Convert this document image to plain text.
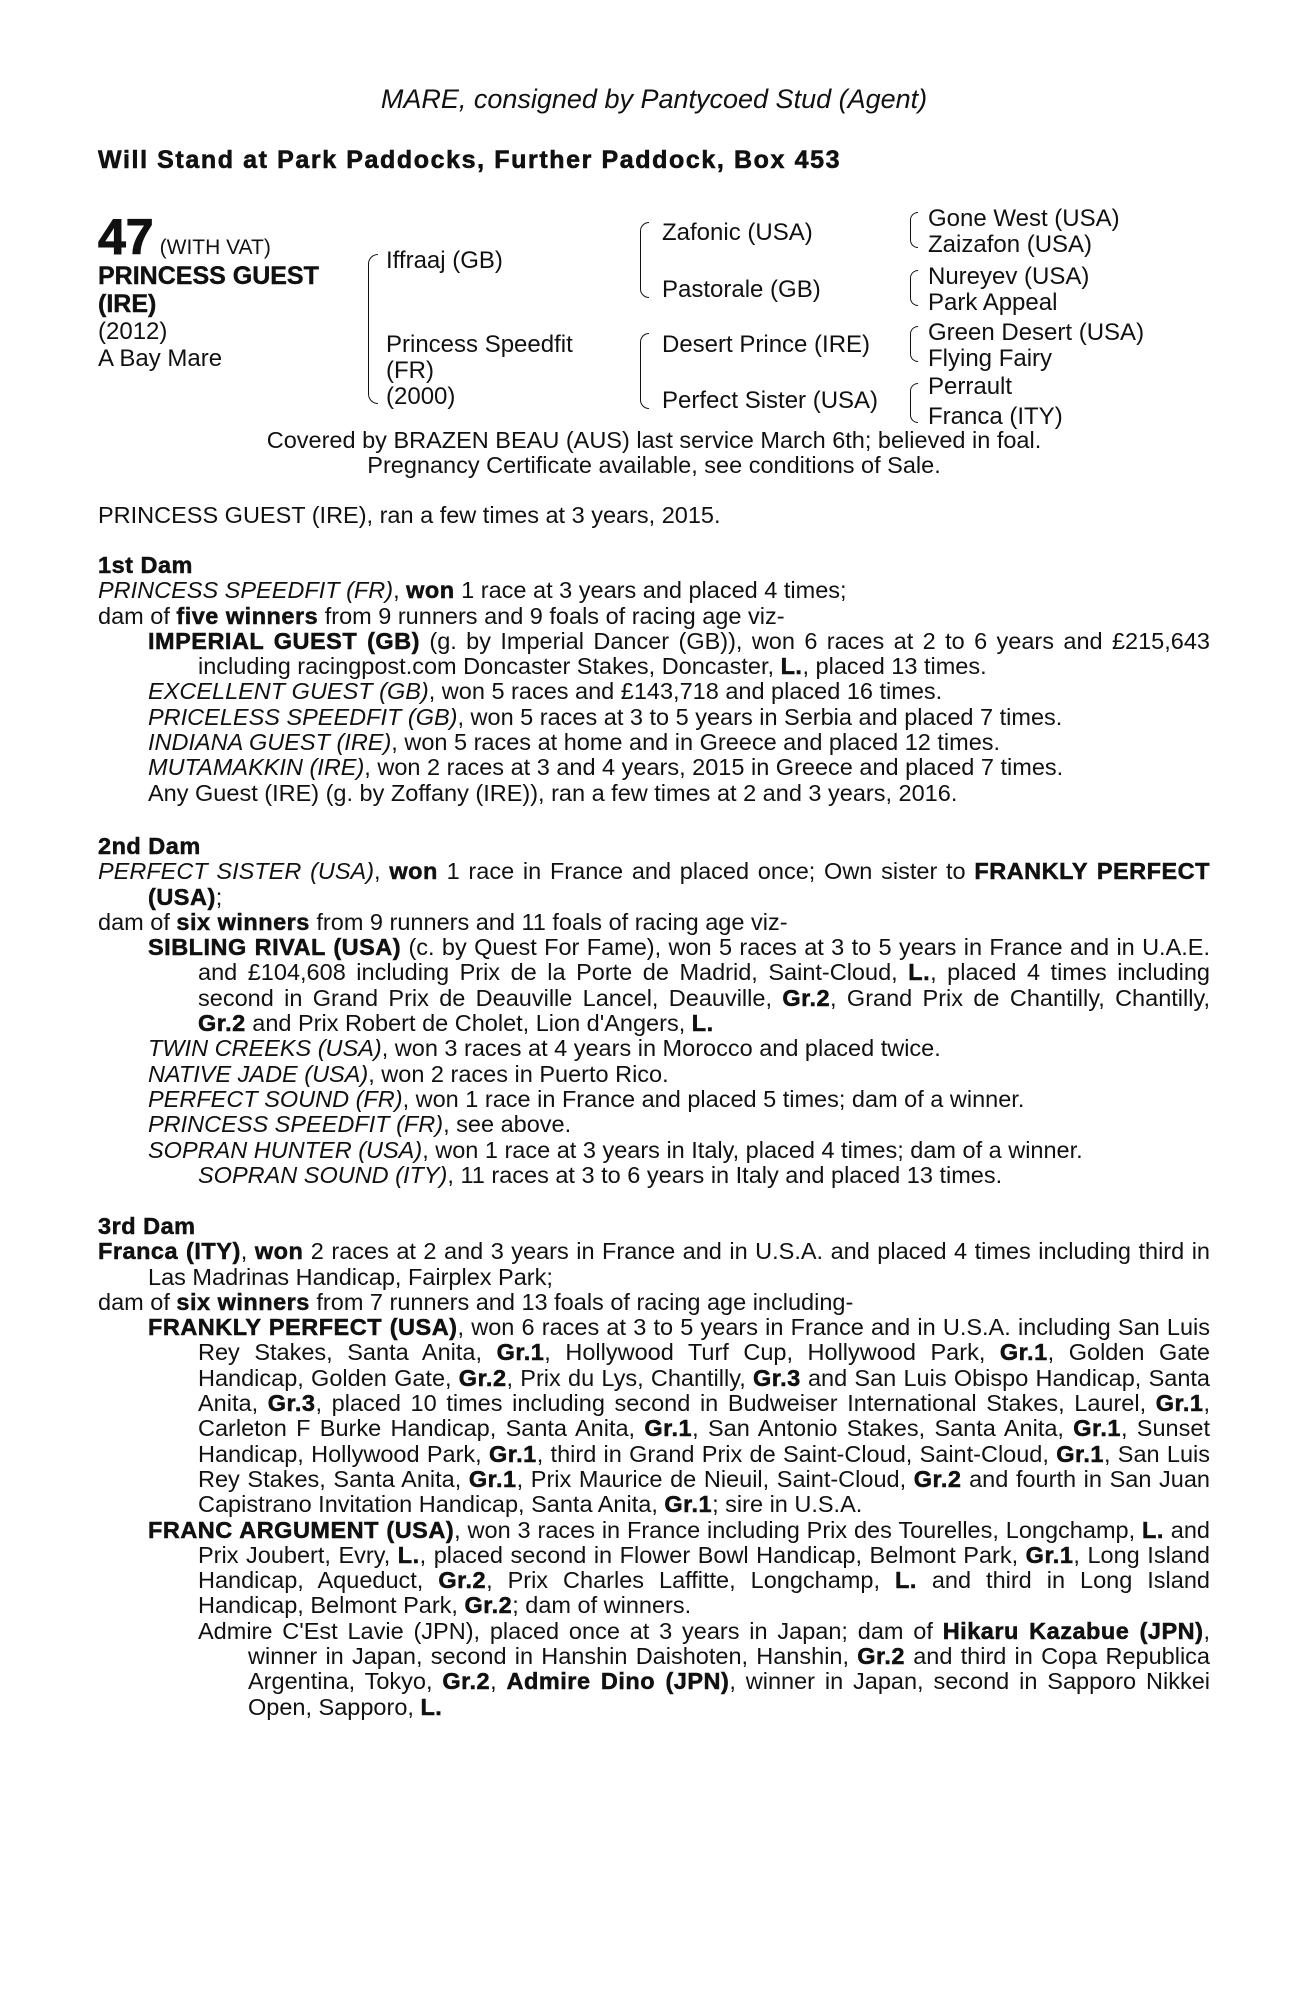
MARE, consigned by Pantycoed Stud (Agent)
Will Stand at Park Paddocks, Further Paddock, Box 453
47 (WITH VAT)
PRINCESS GUEST
(IRE)
(2012)
A Bay Mare
Iffraaj (GB)
Princess Speedfit
(FR)
(2000)
Zafonic (USA)
Pastorale (GB)
Desert Prince (IRE)
Perfect Sister (USA)
Gone West (USA)
Zaizafon (USA)
Nureyev (USA)
Park Appeal
Green Desert (USA)
Flying Fairy
Perrault
Franca (ITY)
Covered by BRAZEN BEAU (AUS) last service March 6th; believed in foal.
Pregnancy Certificate available, see conditions of Sale.
PRINCESS GUEST (IRE), ran a few times at 3 years, 2015.
1st Dam
PRINCESS SPEEDFIT (FR), won 1 race at 3 years and placed 4 times;
dam of five winners from 9 runners and 9 foals of racing age viz-
IMPERIAL GUEST (GB) (g. by Imperial Dancer (GB)), won 6 races at 2 to 6 years and £215,643 including racingpost.com Doncaster Stakes, Doncaster, L., placed 13 times.
EXCELLENT GUEST (GB), won 5 races and £143,718 and placed 16 times.
PRICELESS SPEEDFIT (GB), won 5 races at 3 to 5 years in Serbia and placed 7 times.
INDIANA GUEST (IRE), won 5 races at home and in Greece and placed 12 times.
MUTAMAKKIN (IRE), won 2 races at 3 and 4 years, 2015 in Greece and placed 7 times.
Any Guest (IRE) (g. by Zoffany (IRE)), ran a few times at 2 and 3 years, 2016.
2nd Dam
PERFECT SISTER (USA), won 1 race in France and placed once; Own sister to FRANKLY PERFECT (USA);
dam of six winners from 9 runners and 11 foals of racing age viz-
SIBLING RIVAL (USA) (c. by Quest For Fame), won 5 races at 3 to 5 years in France and in U.A.E. and £104,608 including Prix de la Porte de Madrid, Saint-Cloud, L., placed 4 times including second in Grand Prix de Deauville Lancel, Deauville, Gr.2, Grand Prix de Chantilly, Chantilly, Gr.2 and Prix Robert de Cholet, Lion d'Angers, L.
TWIN CREEKS (USA), won 3 races at 4 years in Morocco and placed twice.
NATIVE JADE (USA), won 2 races in Puerto Rico.
PERFECT SOUND (FR), won 1 race in France and placed 5 times; dam of a winner.
PRINCESS SPEEDFIT (FR), see above.
SOPRAN HUNTER (USA), won 1 race at 3 years in Italy, placed 4 times; dam of a winner.
SOPRAN SOUND (ITY), 11 races at 3 to 6 years in Italy and placed 13 times.
3rd Dam
Franca (ITY), won 2 races at 2 and 3 years in France and in U.S.A. and placed 4 times including third in Las Madrinas Handicap, Fairplex Park;
dam of six winners from 7 runners and 13 foals of racing age including-
FRANKLY PERFECT (USA), won 6 races at 3 to 5 years in France and in U.S.A. including San Luis Rey Stakes, Santa Anita, Gr.1, Hollywood Turf Cup, Hollywood Park, Gr.1, Golden Gate Handicap, Golden Gate, Gr.2, Prix du Lys, Chantilly, Gr.3 and San Luis Obispo Handicap, Santa Anita, Gr.3, placed 10 times including second in Budweiser International Stakes, Laurel, Gr.1, Carleton F Burke Handicap, Santa Anita, Gr.1, San Antonio Stakes, Santa Anita, Gr.1, Sunset Handicap, Hollywood Park, Gr.1, third in Grand Prix de Saint-Cloud, Saint-Cloud, Gr.1, San Luis Rey Stakes, Santa Anita, Gr.1, Prix Maurice de Nieuil, Saint-Cloud, Gr.2 and fourth in San Juan Capistrano Invitation Handicap, Santa Anita, Gr.1; sire in U.S.A.
FRANC ARGUMENT (USA), won 3 races in France including Prix des Tourelles, Longchamp, L. and Prix Joubert, Evry, L., placed second in Flower Bowl Handicap, Belmont Park, Gr.1, Long Island Handicap, Aqueduct, Gr.2, Prix Charles Laffitte, Longchamp, L. and third in Long Island Handicap, Belmont Park, Gr.2; dam of winners.
Admire C'Est Lavie (JPN), placed once at 3 years in Japan; dam of Hikaru Kazabue (JPN), winner in Japan, second in Hanshin Daishoten, Hanshin, Gr.2 and third in Copa Republica Argentina, Tokyo, Gr.2, Admire Dino (JPN), winner in Japan, second in Sapporo Nikkei Open, Sapporo, L.
